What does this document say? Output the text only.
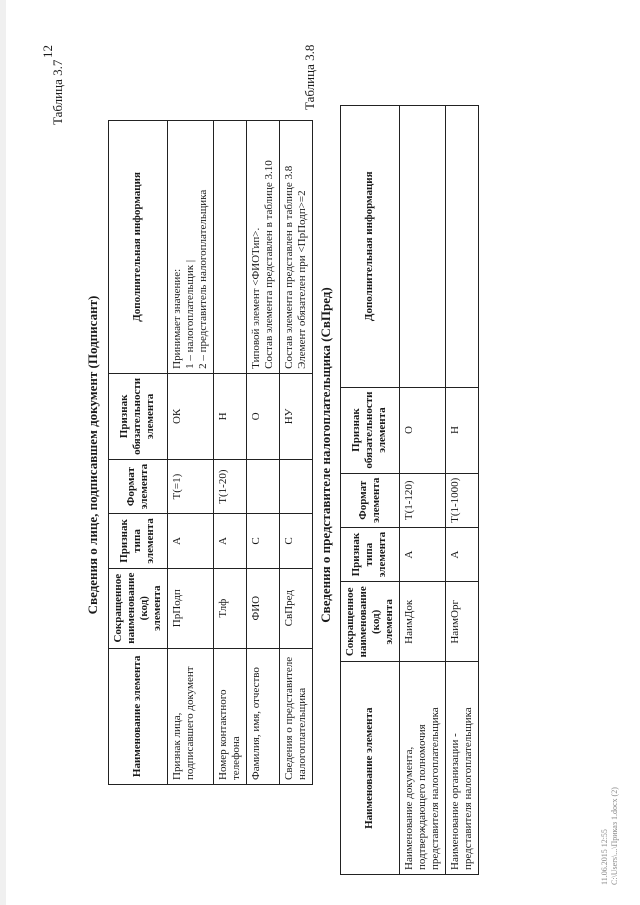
Таблица 3.7
Сведения о лице, подписавшем документ (Подписант)
Наименование элемента	Сокращенное наименование (код) элемента	Признак типа элемента	Формат элемента	Признак обязательности элемента	Дополнительная информация
Признак лица, подписавшего документ	ПрПодп	А	Т(=1)	ОК	Принимает значение:
1 – налогоплательщик |
2 – представитель налогоплательщика
Номер контактного телефона	Тлф	А	Т(1-20)	Н	
Фамилия, имя, отчество	ФИО	С		О	Типовой элемент <ФИОТип>.
Состав элемента представлен в таблице 3.10
Сведения о представителе налогоплательщика	СвПред	С		НУ	Состав элемента представлен в таблице 3.8
Элемент обязателен при <ПрПодп>=2
Таблица 3.8
Сведения о представителе налогоплательщика (СвПред)
Наименование элемента	Сокращенное наименование (код) элемента	Признак типа элемента	Формат элемента	Признак обязательности элемента	Дополнительная информация
Наименование документа, подтверждающего полномочия представителя налогоплательщика	НаимДок	А	Т(1-120)	О	
Наименование организации - представителя налогоплательщика	НаимОрг	А	Т(1-1000)	Н	
11.06.2015 12:55 C:\Users\...\Приказ 1.docx (2)
12
